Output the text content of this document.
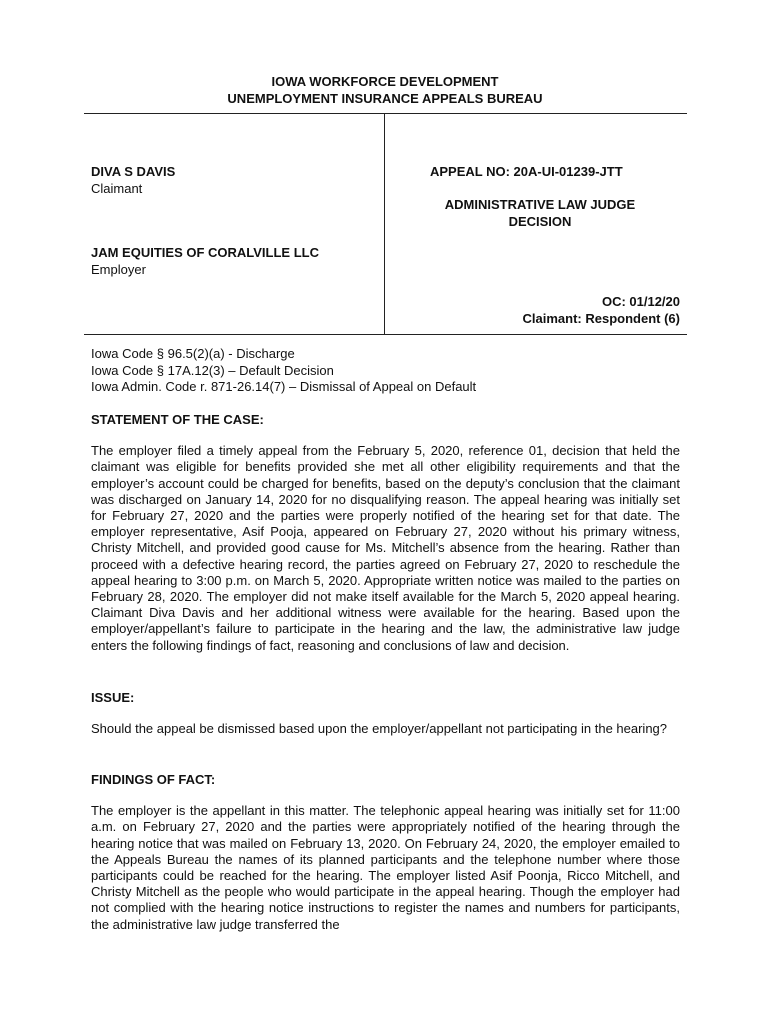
IOWA WORKFORCE DEVELOPMENT
UNEMPLOYMENT INSURANCE APPEALS BUREAU
DIVA S DAVIS
Claimant
JAM EQUITIES OF CORALVILLE LLC
Employer
APPEAL NO: 20A-UI-01239-JTT
ADMINISTRATIVE LAW JUDGE
DECISION
OC: 01/12/20
Claimant: Respondent (6)
Iowa Code § 96.5(2)(a) - Discharge
Iowa Code § 17A.12(3) – Default Decision
Iowa Admin. Code r. 871-26.14(7) – Dismissal of Appeal on Default
STATEMENT OF THE CASE:
The employer filed a timely appeal from the February 5, 2020, reference 01, decision that held the claimant was eligible for benefits provided she met all other eligibility requirements and that the employer’s account could be charged for benefits, based on the deputy’s conclusion that the claimant was discharged on January 14, 2020 for no disqualifying reason. The appeal hearing was initially set for February 27, 2020 and the parties were properly notified of the hearing set for that date. The employer representative, Asif Pooja, appeared on February 27, 2020 without his primary witness, Christy Mitchell, and provided good cause for Ms. Mitchell’s absence from the hearing. Rather than proceed with a defective hearing record, the parties agreed on February 27, 2020 to reschedule the appeal hearing to 3:00 p.m. on March 5, 2020. Appropriate written notice was mailed to the parties on February 28, 2020. The employer did not make itself available for the March 5, 2020 appeal hearing. Claimant Diva Davis and her additional witness were available for the hearing. Based upon the employer/appellant’s failure to participate in the hearing and the law, the administrative law judge enters the following findings of fact, reasoning and conclusions of law and decision.
ISSUE:
Should the appeal be dismissed based upon the employer/appellant not participating in the hearing?
FINDINGS OF FACT:
The employer is the appellant in this matter. The telephonic appeal hearing was initially set for 11:00 a.m. on February 27, 2020 and the parties were appropriately notified of the hearing through the hearing notice that was mailed on February 13, 2020. On February 24, 2020, the employer emailed to the Appeals Bureau the names of its planned participants and the telephone number where those participants could be reached for the hearing. The employer listed Asif Poonja, Ricco Mitchell, and Christy Mitchell as the people who would participate in the appeal hearing. Though the employer had not complied with the hearing notice instructions to register the names and numbers for participants, the administrative law judge transferred the
